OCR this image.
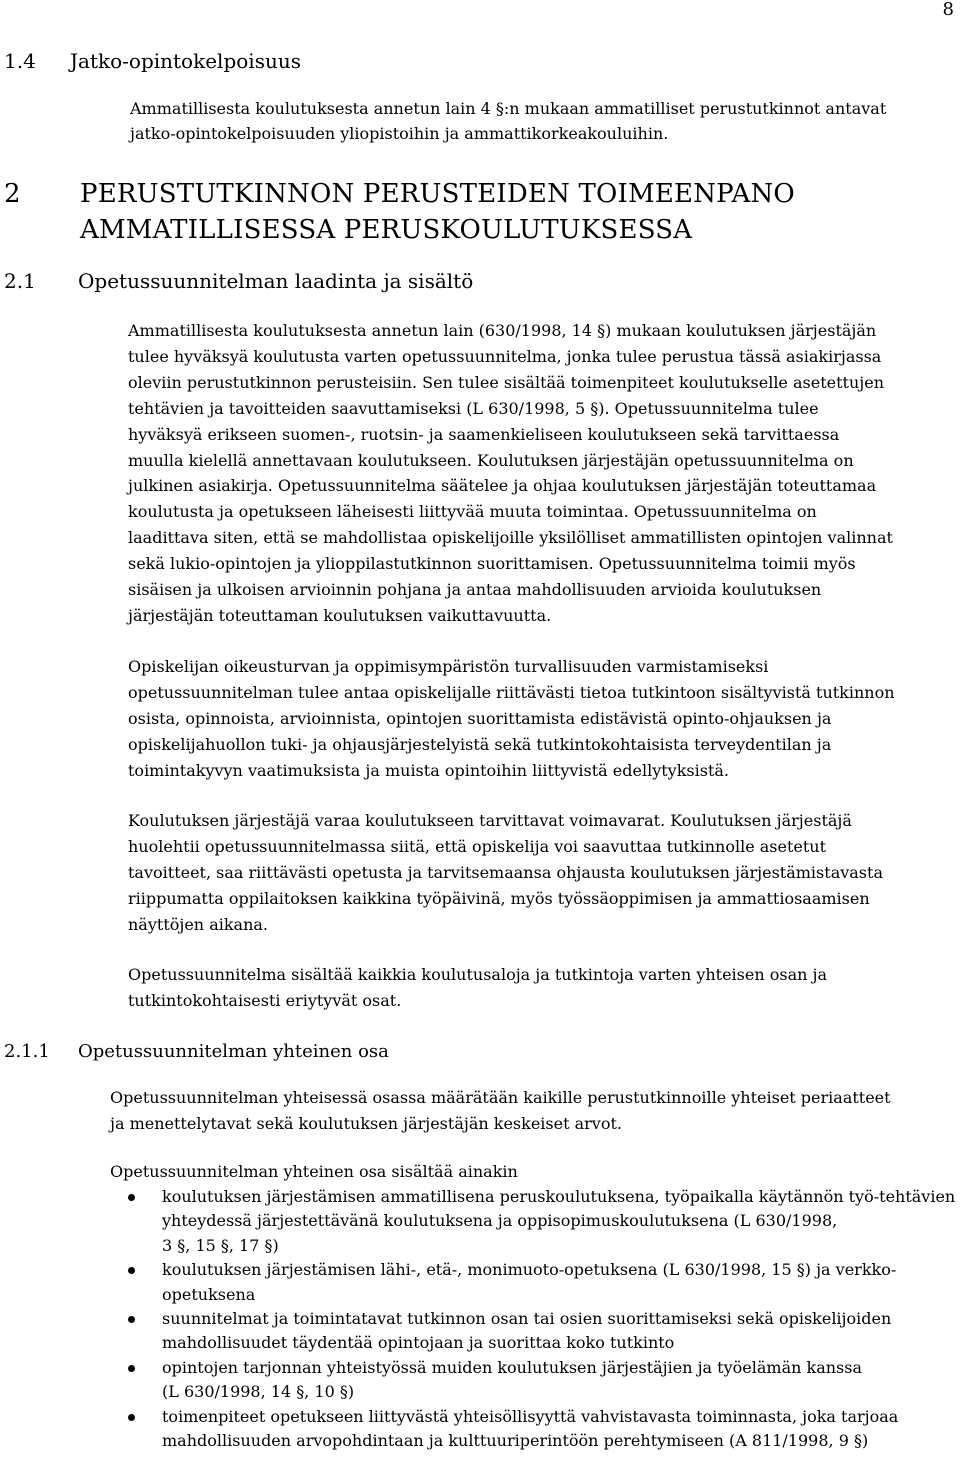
8
1.4 Jatko-opintokelpoisuus

Ammatillisesta koulutuksesta annetun lain 4 §:n mukaan ammatilliset perustutkinnot antavat
jatko-opintokelpoisuuden yliopistoihin ja ammattikorkeakouluihin.

2 PERUSTUTKINNON PERUSTEIDEN TOIMEENPANO
AMMATILLISESSA PERUSKOULUTUKSESSA
2.1 Opetussuunnitelman laadinta ja sisältö

Ammatillisesta koulutuksesta annetun lain (630/1998, 14 §) mukaan koulutuksen järjestäjän
tulee hyväksyä koulutusta varten opetussuunnitelma, jonka tulee perustua tässä asiakirjassa
oleviin perustutkinnon perusteisiin. Sen tulee sisältää toimenpiteet koulutukselle asetettujen
tehtävien ja tavoitteiden saavuttamiseksi (L 630/1998, 5 §). Opetussuunnitelma tulee
hyväksyä erikseen suomen-, ruotsin- ja saamenkieliseen koulutukseen sekä tarvittaessa
muulla kielellä annettavaan koulutukseen. Koulutuksen järjestäjän opetussuunnitelma on
julkinen asiakirja. Opetussuunnitelma säätelee ja ohjaa koulutuksen järjestäjän toteuttamaa
koulutusta ja opetukseen läheisesti liittyvää muuta toimintaa. Opetussuunnitelma on
laadittava siten, että se mahdollistaa opiskelijoille yksilölliset ammatillisten opintojen valinnat
sekä lukio-opintojen ja ylioppilastutkinnon suorittamisen. Opetussuunnitelma toimii myös
sisäisen ja ulkoisen arvioinnin pohjana ja antaa mahdollisuuden arvioida koulutuksen
järjestäjän toteuttaman koulutuksen vaikuttavuutta.

Opiskelijan oikeusturvan ja oppimisympäristön turvallisuuden varmistamiseksi
opetussuunnitelman tulee antaa opiskelijalle riittävästi tietoa tutkintoon sisältyvistä tutkinnon
osista, opinnoista, arvioinnista, opintojen suorittamista edistävistä opinto-ohjauksen ja
opiskelijahuollon tuki- ja ohjausjärjestelyistä sekä tutkintokohtaisista terveydentilan ja
toimintakyvyn vaatimuksista ja muista opintoihin liittyvistä edellytyksistä.

Koulutuksen järjestäjä varaa koulutukseen tarvittavat voimavarat. Koulutuksen järjestäjä
huolehtii opetussuunnitelmassa siitä, että opiskelija voi saavuttaa tutkinnolle asetetut
tavoitteet, saa riittävästi opetusta ja tarvitsemaansa ohjausta koulutuksen järjestämistavasta
riippumatta oppilaitoksen kaikkina työpäivinä, myös työssäoppimisen ja ammattiosaamisen
näyttöjen aikana.

Opetussuunnitelma sisältää kaikkia koulutusaloja ja tutkintoja varten yhteisen osan ja
tutkintokohtaisesti eriytyvät osat.

2.1.1 Opetussuunnitelman yhteinen osa

Opetussuunnitelman yhteisessä osassa määrätään kaikille perustutkinnoille yhteiset periaatteet
ja menettelytavat sekä koulutuksen järjestäjän keskeiset arvot.

Opetussuunnitelman yhteinen osa sisältää ainakin

koulutuksen järjestämisen ammatillisena peruskoulutuksena, työpaikalla käytännön työ-tehtävien
yhteydessä järjestettävänä koulutuksena ja oppisopimuskoulutuksena (L 630/1998,
3 §, 15 §, 17 §)
koulutuksen järjestämisen lähi-, etä-, monimuoto-opetuksena (L 630/1998, 15 §) ja verkko-
opetuksena
suunnitelmat ja toimintatavat tutkinnon osan tai osien suorittamiseksi sekä opiskelijoiden
mahdollisuudet täydentää opintojaan ja suorittaa koko tutkinto
opintojen tarjonnan yhteistyössä muiden koulutuksen järjestäjien ja työelämän kanssa
(L 630/1998, 14 §, 10 §)
toimenpiteet opetukseen liittyvästä yhteisöllisyyttä vahvistavasta toiminnasta, joka tarjoaa
mahdollisuuden arvopohdintaan ja kulttuuriperintöön perehtymiseen (A 811/1998, 9 §)
